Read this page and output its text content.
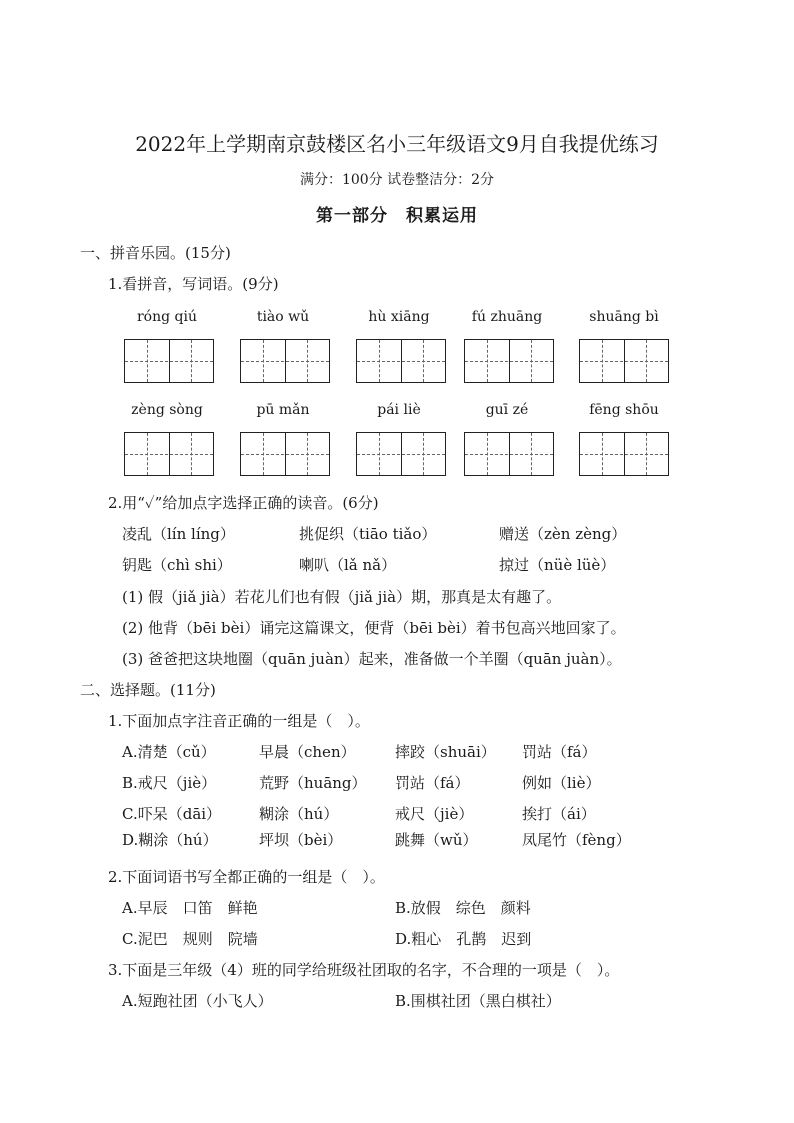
2022年上学期南京鼓楼区名小三年级语文9月自我提优练习
满分：100分 试卷整洁分：2分
第一部分　积累运用
一、拼音乐园。(15分)
1.看拼音，写词语。(9分)
róng qiú	tiào wǔ	hù xiāng	fú zhuāng	shuāng bì
zèng sòng	pū mǎn	pái liè	guī zé	fēng shōu
2.用“✓”给加点字选择正确的读音。(6分)
凌乱（lín líng）	挑促织（tiāo tiǎo）	赠送（zèn zèng）
钥匙（chì shi）	喇叭（lǎ nǎ）	掠过（nüè lüè）
(1) 假（jiǎ jià）若花儿们也有假（jiǎ jià）期，那真是太有趣了。
(2) 他背（bēi bèi）诵完这篇课文，便背（bēi bèi）着书包高兴地回家了。
(3) 爸爸把这块地圈（quān juàn）起来，准备做一个羊圈（quān juàn）。
二、选择题。(11分)
1.下面加点字注音正确的一组是（　）。
A.清楚（cǔ）	早晨（chen）	摔跤（shuāi） 罚站（fá）
B.戒尺（jiè）	荒野（huāng） 罚站（fá）	例如（liè）
C.吓呆（dāi）	糊涂（hú）	戒尺（jiè）	挨打（ái）
D.糊涂（hú）	坪坝（bèi）	跳舞（wǔ）	凤尾竹（fèng）
2.下面词语书写全都正确的一组是（　）。
A.早辰　口笛　鲜艳	B.放假　综色　颜料
C.泥巴　规则　院墙	D.粗心　孔鹊　迟到
3.下面是三年级（4）班的同学给班级社团取的名字，不合理的一项是（　）。
A.短跑社团（小飞人）	B.围棋社团（黑白棋社）
